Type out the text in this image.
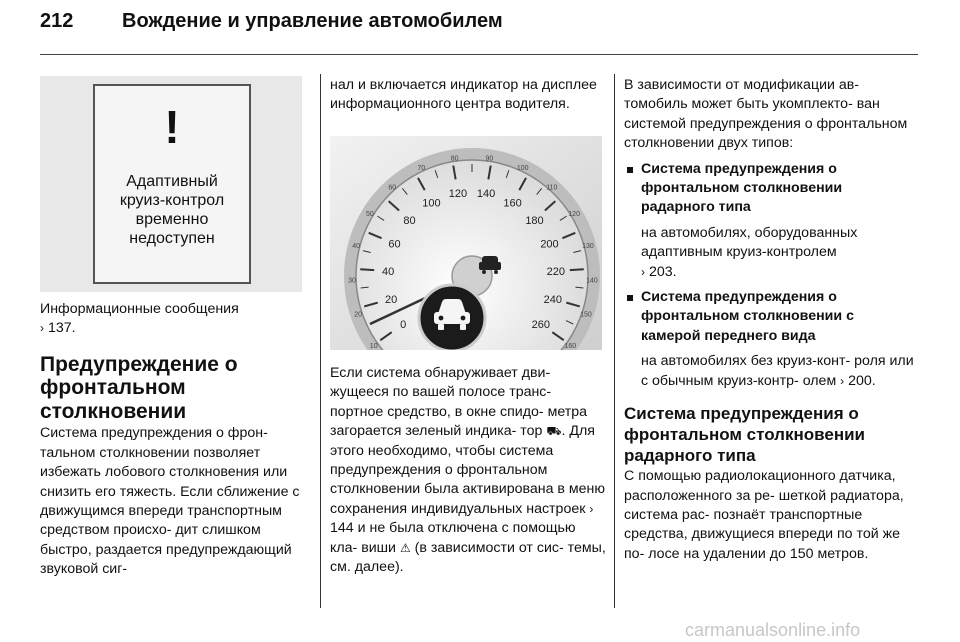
212 Вождение и управление автомобилем
!
Адаптивный
круиз-контрол
временно
недоступен

Информационные сообщения
› 137.

Предупреждение о фронтальном столкновении

Система предупреждения о фрон- тальном столкновении позволяет избежать лобового столкновения или снизить его тяжесть. Если сближение с движущимся впереди транспортным средством происхо- дит слишком быстро, раздается предупреждающий звуковой сиг-

нал и включается индикатор на дисплее информационного центра водителя.

10
20
30
40
50
60
70
80	90
100
110
120
130
140
150
160
0
20
40
60
80
100
120 140
160
180
200
220
240
260

Если система обнаруживает дви- жущееся по вашей полосе транс- портное средство, в окне спидо- метра загорается зеленый индика- тор ⛟. Для этого необходимо, чтобы система предупреждения о фронтальном столкновении была активирована в меню сохранения индивидуальных настроек › 144 и не была отключена с помощью кла- виши ⚠ (в зависимости от сис- темы, см. далее).

В зависимости от модификации ав- томобиль может быть укомплекто- ван системой предупреждения о фронтальном столкновении двух типов:

Система предупреждения о фронтальном столкновении радарного типа

на автомобилях, оборудованных адаптивным круиз-контролем
› 203.

Система предупреждения о фронтальном столкновении с камерой переднего вида

на автомобилях без круиз-конт- роля или с обычным круиз-контр- олем › 200.

Система предупреждения о фронтальном столкновении радарного типа

С помощью радиолокационного датчика, расположенного за ре- шеткой радиатора, система рас- познаёт транспортные средства, движущиеся впереди по той же по- лосе на удалении до 150 метров.

carmanualsonline.info
